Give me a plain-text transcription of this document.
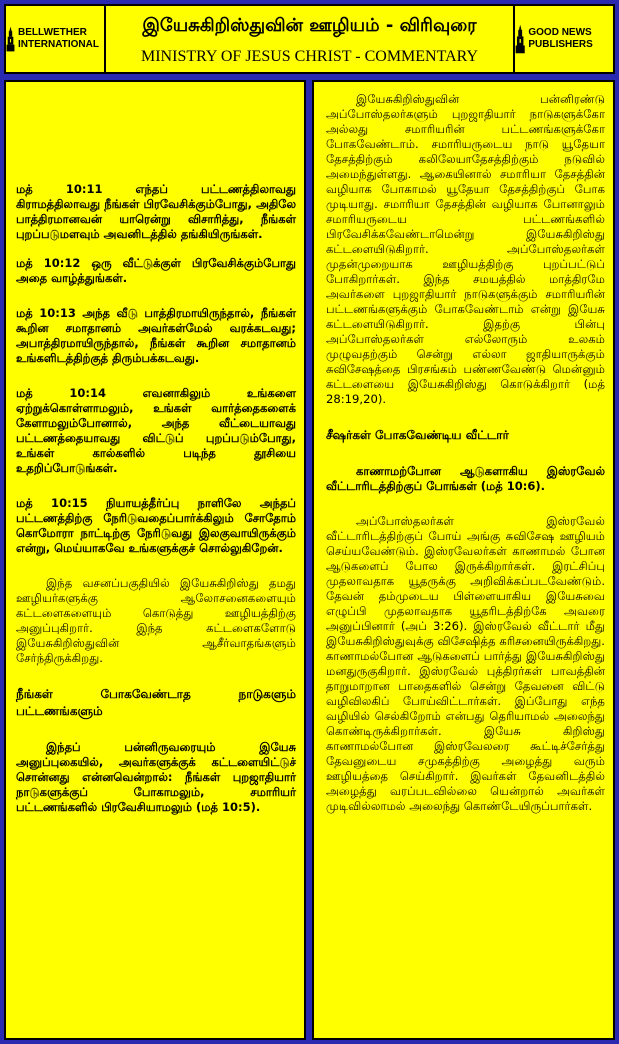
BELLWETHER INTERNATIONAL
இயேசுகிறிஸ்துவின் ஊழியம் - விரிவுரை
MINISTRY OF JESUS CHRIST - COMMENTARY
GOOD NEWS PUBLISHERS

மத் 10:11 எந்தப் பட்டணத்திலாவது கிராமத்திலாவது நீங்கள் பிரவேசிக்கும்போது, அதிலே பாத்திரமானவன் யாரென்று விசாரித்து, நீங்கள் புறப்படுமளவும் அவனிடத்தில் தங்கியிருங்கள்.

மத் 10:12 ஒரு வீட்டுக்குள் பிரவேசிக்கும்போது அதை வாழ்த்துங்கள்.

மத் 10:13 அந்த வீடு பாத்திரமாயிருந்தால், நீங்கள் கூறின சமாதானம் அவர்கள்மேல் வரக்கடவது; அபாத்திரமாயிருந்தால், நீங்கள் கூறின சமாதானம் உங்களிடத்திற்குத் திரும்பக்கடவது.

மத் 10:14 எவனாகிலும் உங்களை ஏற்றுக்கொள்ளாமலும், உங்கள் வார்த்தைகளைக் கேளாமலும்போனால், அந்த வீட்டையாவது பட்டணத்தையாவது விட்டுப் புறப்படும்போது, உங்கள் கால்களில் படிந்த தூசியை உதறிப்போடுங்கள்.

மத் 10:15 நியாயத்தீர்ப்பு நாளிலே அந்தப் பட்டணத்திற்கு நேரிடுவதைப்பார்க்கிலும் சோதோம் கொமோரா நாட்டிற்கு நேரிடுவது இலகுவாயிருக்கும் என்று, மெய்யாகவே உங்களுக்குச் சொல்லுகிறேன்.

இந்த வசனப்பகுதியில் இயேசுகிறிஸ்து தமது ஊழியர்களுக்கு ஆலோசனைகளையும் கட்டளைகளையும் கொடுத்து ஊழியத்திற்கு அனுப்புகிறார். இந்த கட்டளைகளோடு இயேசுகிறிஸ்துவின் ஆசீர்வாதங்களும் சேர்ந்திருக்கிறது.

நீங்கள் போகவேண்டாத நாடுகளும் பட்டணங்களும்

இந்தப் பன்னிருவரையும் இயேசு அனுப்புகையில், அவர்களுக்குக் கட்டளையிட்டுச் சொன்னது என்னவென்றால்: நீங்கள் புறஜாதியார் நாடுகளுக்குப் போகாமலும், சமாரியர் பட்டணங்களில் பிரவேசியாமலும் (மத் 10:5).

இயேசுகிறிஸ்துவின் பன்னிரண்டு அப்போஸ்தலர்களும் புறஜாதியார் நாடுகளுக்கோ அல்லது சமாரியரின் பட்டணங்களுக்கோ போகவேண்டாம். சமாரியருடைய நாடு யூதேயா தேசத்திற்கும் கலிலேயாதேசத்திற்கும் நடுவில் அமைந்துள்ளது. ஆகையினால் சமாரியா தேசத்தின் வழியாக போகாமல் யூதேயா தேசத்திற்குப் போக முடியாது. சமாரியா தேசத்தின் வழியாக போனாலும் சமாரியருடைய பட்டணங்களில் பிரவேசிக்கவேண்டாமென்று இயேசுகிறிஸ்து கட்டளையிடுகிறார். அப்போஸ்தலர்கள் முதன்முறையாக ஊழியத்திற்கு புறப்பட்டுப் போகிறார்கள். இந்த சமயத்தில் மாத்திரமே அவர்களை புறஜாதியார் நாடுகளுக்கும் சமாரியரின் பட்டணங்களுக்கும் போகவேண்டாம் என்று இயேசு கட்டளையிடுகிறார். இதற்கு பின்பு அப்போஸ்தலர்கள் எல்லோரும் உலகம் முழுவதற்கும் சென்று எல்லா ஜாதியாருக்கும் சுவிசேஷத்தை பிரசங்கம் பண்ணவேண்டு மென்னும் கட்டளையை இயேசுகிறிஸ்து கொடுக்கிறார் (மத் 28:19,20).

சீஷர்கள் போகவேண்டிய வீட்டார்

காணாமற்போன ஆடுகளாகிய இஸ்ரவேல் வீட்டாரிடத்திற்குப் போங்கள் (மத் 10:6).

அப்போஸ்தலர்கள் இஸ்ரவேல் வீட்டாரிடத்திற்குப் போய் அங்கு சுவிசேஷ ஊழியம் செய்யவேண்டும். இஸ்ரவேலர்கள் காணாமல் போன ஆடுகளைப் போல இருக்கிறார்கள். இரட்சிப்பு முதலாவதாக யூதருக்கு அறிவிக்கப்படவேண்டும். தேவன் தம்முடைய பிள்ளையாகிய இயேசுவை எழுப்பி முதலாவதாக யூதரிடத்திற்கே அவரை அனுப்பினார் (அப் 3:26). இஸ்ரவேல் வீட்டார் மீது இயேசுகிறிஸ்துவுக்கு விசேஷித்த கரிசனையிருக்கிறது. காணாமல்போன ஆடுகளைப் பார்த்து இயேசுகிறிஸ்து மனதுருகுகிறார். இஸ்ரவேல் புத்திரர்கள் பாவத்தின் தாறுமாறான பாதைகளில் சென்று தேவனை விட்டு வழிவிலகிப் போய்விட்டார்கள். இப்போது எந்த வழியில் செல்கிறோம் என்பது தெரியாமல் அலைந்து கொண்டிருக்கிறார்கள். இயேசு கிறிஸ்து காணாமல்போன இஸ்ரவேலரை கூட்டிச்சேர்த்து தேவனுடைய சமுகத்திற்கு அழைத்து வரும் ஊழியத்தை செய்கிறார். இவர்கள் தேவனிடத்தில் அழைத்து வரப்படவில்லை யென்றால் அவர்கள் முடிவில்லாமல் அலைந்து கொண்டேயிருப்பார்கள்.
